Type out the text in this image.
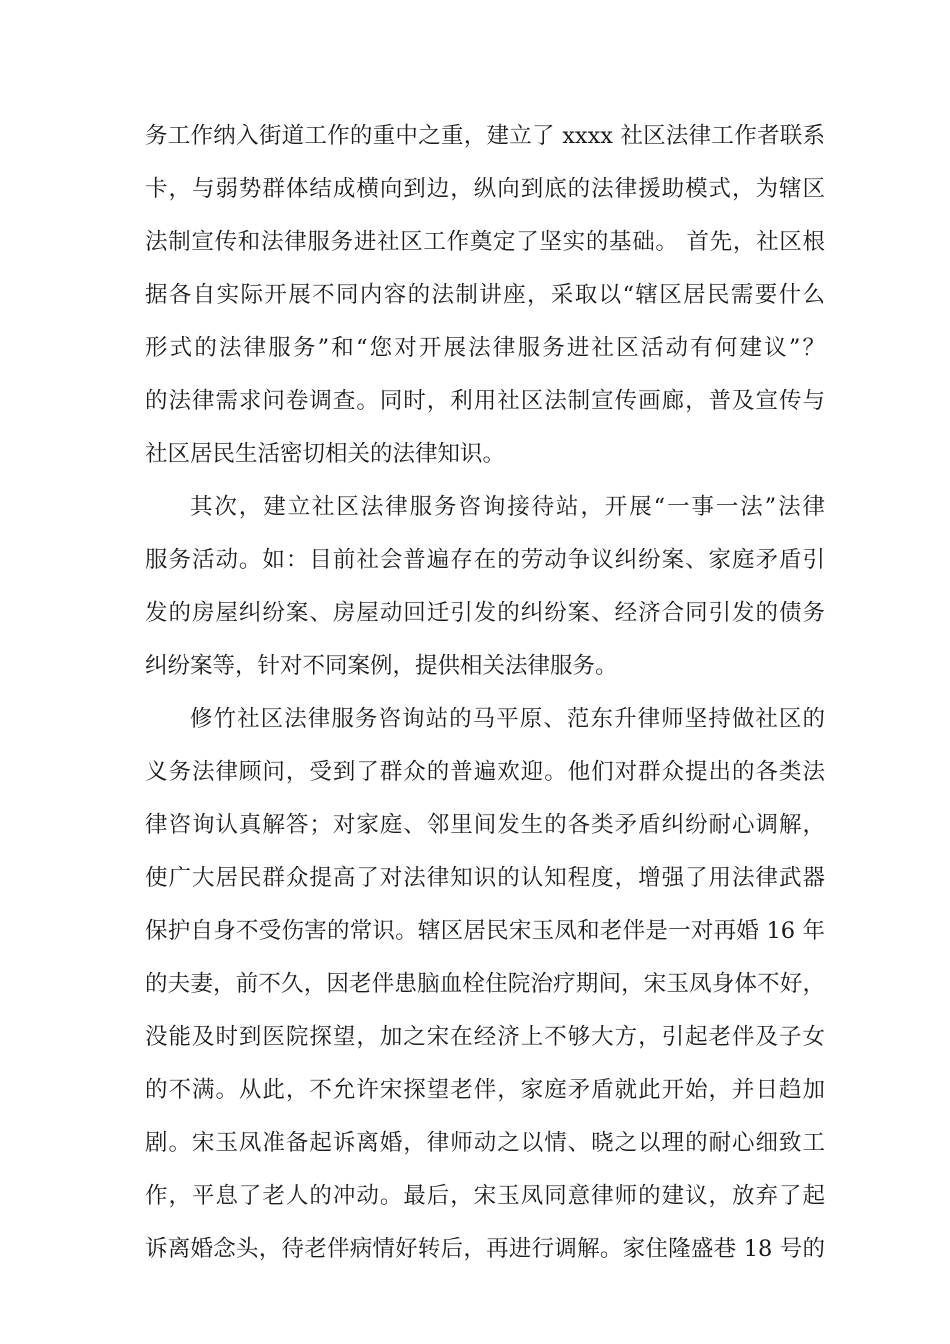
务工作纳入街道工作的重中之重，建立了 xxxx 社区法律工作者联系
卡，与弱势群体结成横向到边，纵向到底的法律援助模式，为辖区
法制宣传和法律服务进社区工作奠定了坚实的基础。 首先，社区根
据各自实际开展不同内容的法制讲座，采取以“辖区居民需要什么
形式的法律服务”和“您对开展法律服务进社区活动有何建议”？
的法律需求问卷调查。同时，利用社区法制宣传画廊，普及宣传与
社区居民生活密切相关的法律知识。
其次，建立社区法律服务咨询接待站，开展“一事一法”法律
服务活动。如：目前社会普遍存在的劳动争议纠纷案、家庭矛盾引
发的房屋纠纷案、房屋动回迁引发的纠纷案、经济合同引发的债务
纠纷案等，针对不同案例，提供相关法律服务。
修竹社区法律服务咨询站的马平原、范东升律师坚持做社区的
义务法律顾问，受到了群众的普遍欢迎。他们对群众提出的各类法
律咨询认真解答；对家庭、邻里间发生的各类矛盾纠纷耐心调解，
使广大居民群众提高了对法律知识的认知程度，增强了用法律武器
保护自身不受伤害的常识。辖区居民宋玉凤和老伴是一对再婚 16 年
的夫妻，前不久，因老伴患脑血栓住院治疗期间，宋玉凤身体不好，
没能及时到医院探望，加之宋在经济上不够大方，引起老伴及子女
的不满。从此，不允许宋探望老伴，家庭矛盾就此开始，并日趋加
剧。宋玉凤准备起诉离婚，律师动之以情、晓之以理的耐心细致工
作，平息了老人的冲动。最后，宋玉凤同意律师的建议，放弃了起
诉离婚念头，待老伴病情好转后，再进行调解。家住隆盛巷 18 号的
